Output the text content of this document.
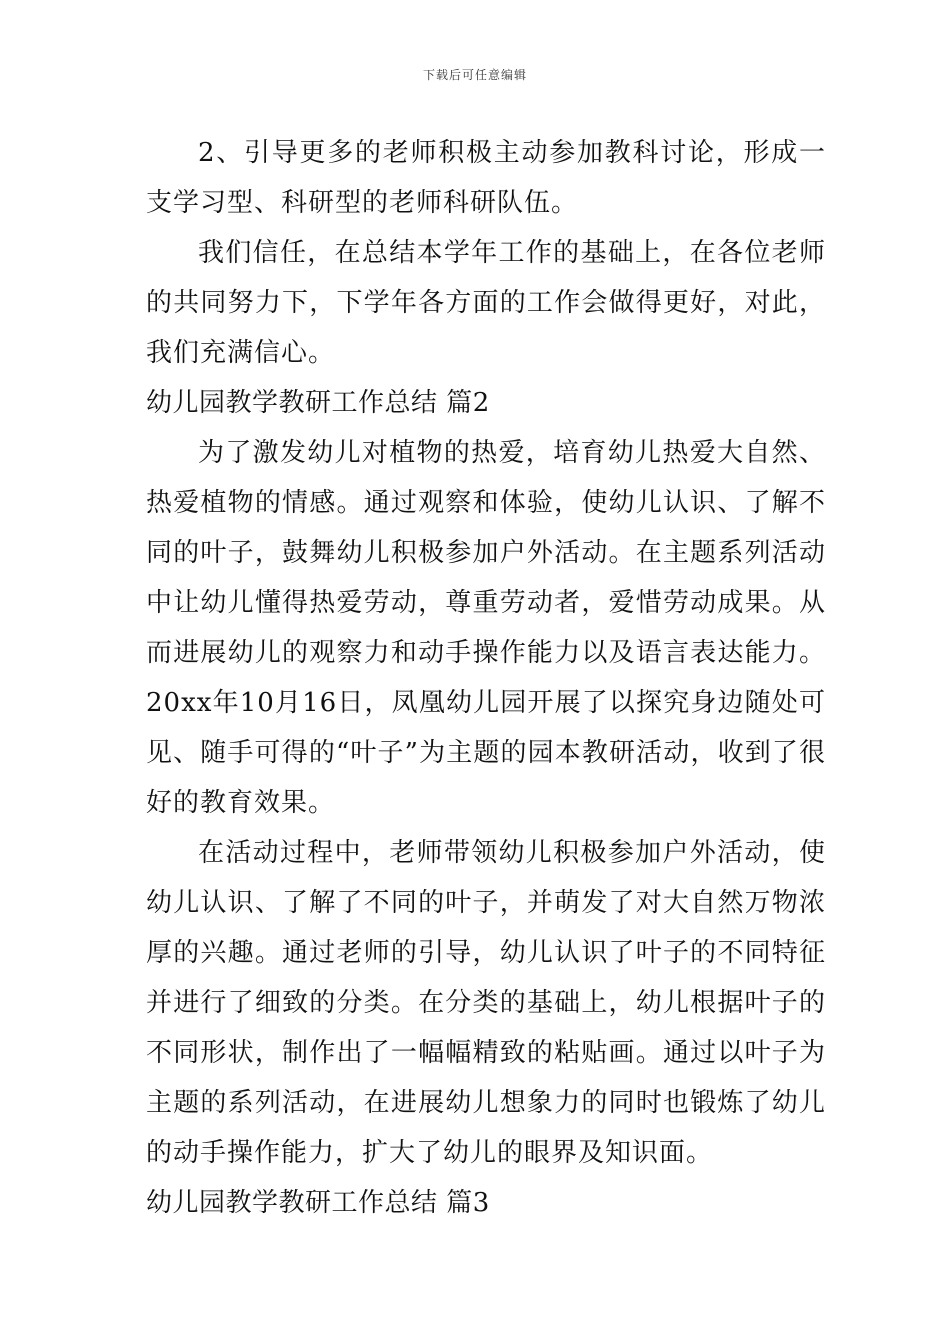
下载后可任意编辑

2、引导更多的老师积极主动参加教科讨论，形成一支学习型、科研型的老师科研队伍。

我们信任，在总结本学年工作的基础上，在各位老师的共同努力下，下学年各方面的工作会做得更好，对此，我们充满信心。

幼儿园教学教研工作总结 篇2

为了激发幼儿对植物的热爱，培育幼儿热爱大自然、热爱植物的情感。通过观察和体验，使幼儿认识、了解不同的叶子，鼓舞幼儿积极参加户外活动。在主题系列活动中让幼儿懂得热爱劳动，尊重劳动者，爱惜劳动成果。从而进展幼儿的观察力和动手操作能力以及语言表达能力。20xx年10月16日，凤凰幼儿园开展了以探究身边随处可见、随手可得的“叶子”为主题的园本教研活动，收到了很好的教育效果。

在活动过程中，老师带领幼儿积极参加户外活动，使幼儿认识、了解了不同的叶子，并萌发了对大自然万物浓厚的兴趣。通过老师的引导，幼儿认识了叶子的不同特征并进行了细致的分类。在分类的基础上，幼儿根据叶子的不同形状，制作出了一幅幅精致的粘贴画。通过以叶子为主题的系列活动，在进展幼儿想象力的同时也锻炼了幼儿的动手操作能力，扩大了幼儿的眼界及知识面。

幼儿园教学教研工作总结 篇3
